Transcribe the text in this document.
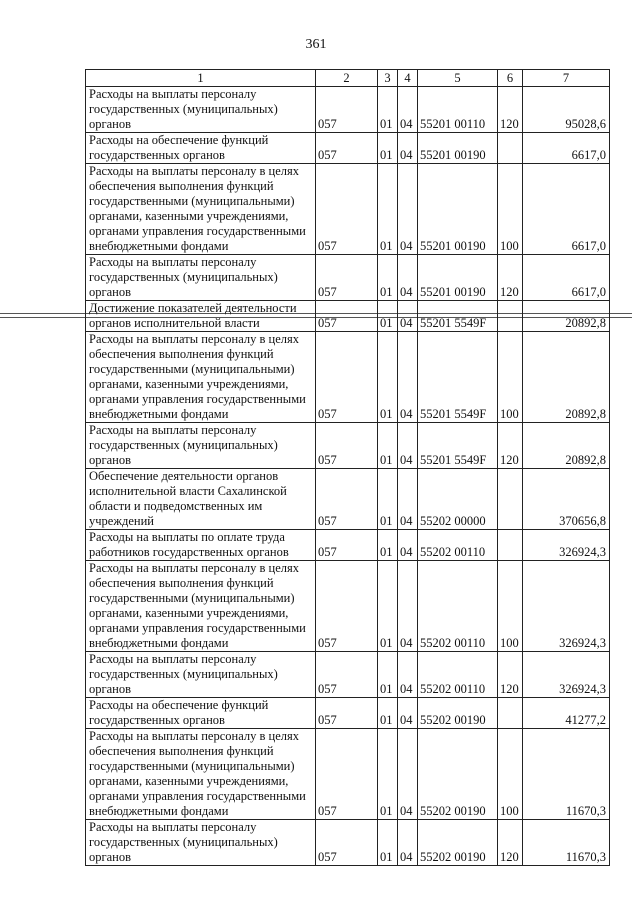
361
1	2	3	4	5	6	7
Расходы на выплаты персоналу государственных (муниципальных) органов	057	01	04	55201 00110	120	95028,6
Расходы на обеспечение функций государственных органов	057	01	04	55201 00190		6617,0
Расходы на выплаты персоналу в целях обеспечения выполнения функций государственными (муниципальными) органами, казенными учреждениями, органами управления государственными внебюджетными фондами	057	01	04	55201 00190	100	6617,0
Расходы на выплаты персоналу государственных (муниципальных) органов	057	01	04	55201 00190	120	6617,0
Достижение показателей деятельности органов исполнительной власти	057	01	04	55201 5549F		20892,8
Расходы на выплаты персоналу в целях обеспечения выполнения функций государственными (муниципальными) органами, казенными учреждениями, органами управления государственными внебюджетными фондами	057	01	04	55201 5549F	100	20892,8
Расходы на выплаты персоналу государственных (муниципальных) органов	057	01	04	55201 5549F	120	20892,8
Обеспечение деятельности органов исполнительной власти Сахалинской области и подведомственных им учреждений	057	01	04	55202 00000		370656,8
Расходы на выплаты по оплате труда работников государственных органов	057	01	04	55202 00110		326924,3
Расходы на выплаты персоналу в целях обеспечения выполнения функций государственными (муниципальными) органами, казенными учреждениями, органами управления государственными внебюджетными фондами	057	01	04	55202 00110	100	326924,3
Расходы на выплаты персоналу государственных (муниципальных) органов	057	01	04	55202 00110	120	326924,3
Расходы на обеспечение функций государственных органов	057	01	04	55202 00190		41277,2
Расходы на выплаты персоналу в целях обеспечения выполнения функций государственными (муниципальными) органами, казенными учреждениями, органами управления государственными внебюджетными фондами	057	01	04	55202 00190	100	11670,3
Расходы на выплаты персоналу государственных (муниципальных) органов	057	01	04	55202 00190	120	11670,3
